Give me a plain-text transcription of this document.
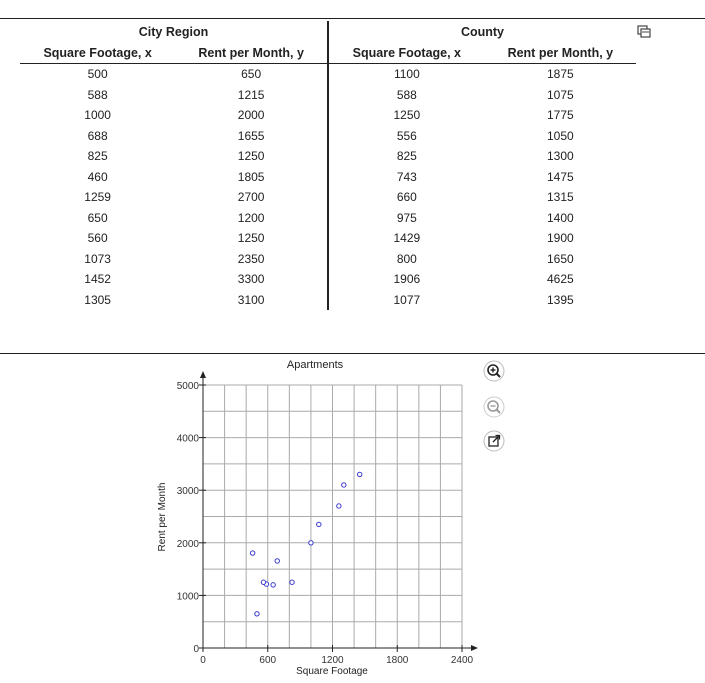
City Region		County	
Square Footage, x	Rent per Month, y	Square Footage, x	Rent per Month, y
500	650	1100	1875
588	1215	588	1075
1000	2000	1250	1775
688	1655	556	1050
825	1250	825	1300
460	1805	743	1475
1259	2700	660	1315
650	1200	975	1400
560	1250	1429	1900
1073	2350	800	1650
1452	3300	1906	4625
1305	3100	1077	1395
0	600	1200	1800	2400
0
1000
2000
3000
4000
5000
Apartments
Square Footage
Rent per Month
